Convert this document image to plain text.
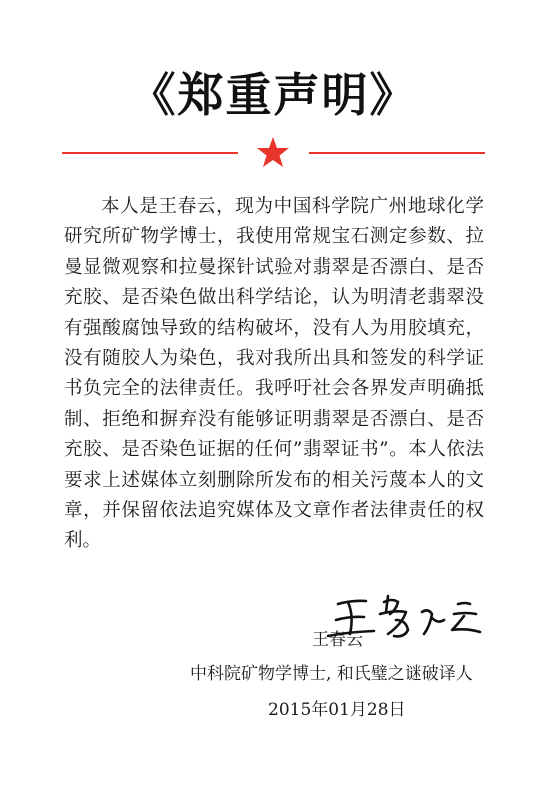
《郑重声明》
本人是王春云，现为中国科学院广州地球化学研究所矿物学博士，我使用常规宝石测定参数、拉曼显微观察和拉曼探针试验对翡翠是否漂白、是否充胶、是否染色做出科学结论，认为明清老翡翠没有强酸腐蚀导致的结构破坏，没有人为用胶填充，没有随胶人为染色，我对我所出具和签发的科学证书负完全的法律责任。我呼吁社会各界发声明确抵制、拒绝和摒弃没有能够证明翡翠是否漂白、是否充胶、是否染色证据的任何”翡翠证书”。本人依法要求上述媒体立刻删除所发布的相关污蔑本人的文章，并保留依法追究媒体及文章作者法律责任的权利。
王春云
中科院矿物学博士, 和氏璧之谜破译人
2015年01月28日
